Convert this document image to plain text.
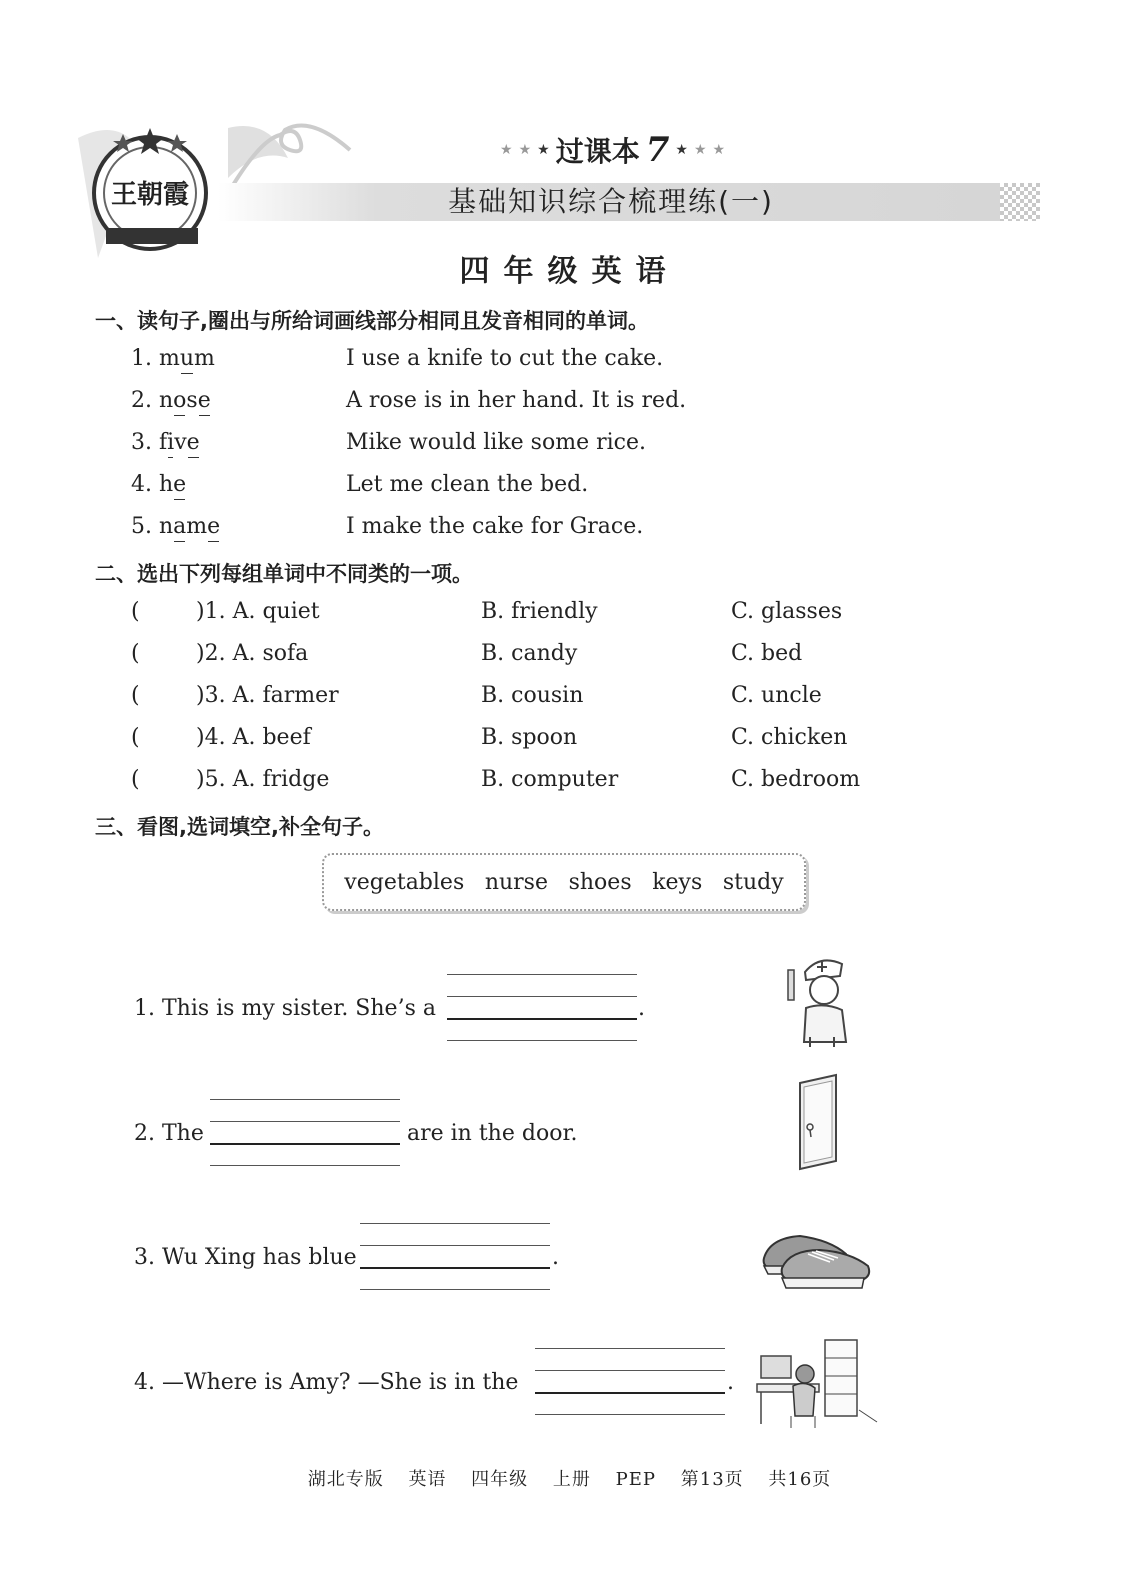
王朝霞
★ ★ ★ 过课本 7 ★ ★ ★
基础知识综合梳理练(一)
四年级英语
一、读句子,圈出与所给词画线部分相同且发音相同的单词。
1. mum	I use a knife to cut the cake.
2. nose	A rose is in her hand. It is red.
3. five	Mike would like some rice.
4. he	Let me clean the bed.
5. name	I make the cake for Grace.
二、选出下列每组单词中不同类的一项。
(	)1. A. quiet	B. friendly	C. glasses
(	)2. A. sofa	B. candy	C. bed
(	)3. A. farmer	B. cousin	C. uncle
(	)4. A. beef	B. spoon	C. chicken
(	)5. A. fridge	B. computer	C. bedroom
三、看图,选词填空,补全句子。
vegetables nurse shoes keys study
1. This is my sister. She’s a	.
2. The	are in the door.
3. Wu Xing has blue	.
4. —Where is Amy? —She is in the	.
湖北专版 英语 四年级 上册 PEP 第13页 共16页
